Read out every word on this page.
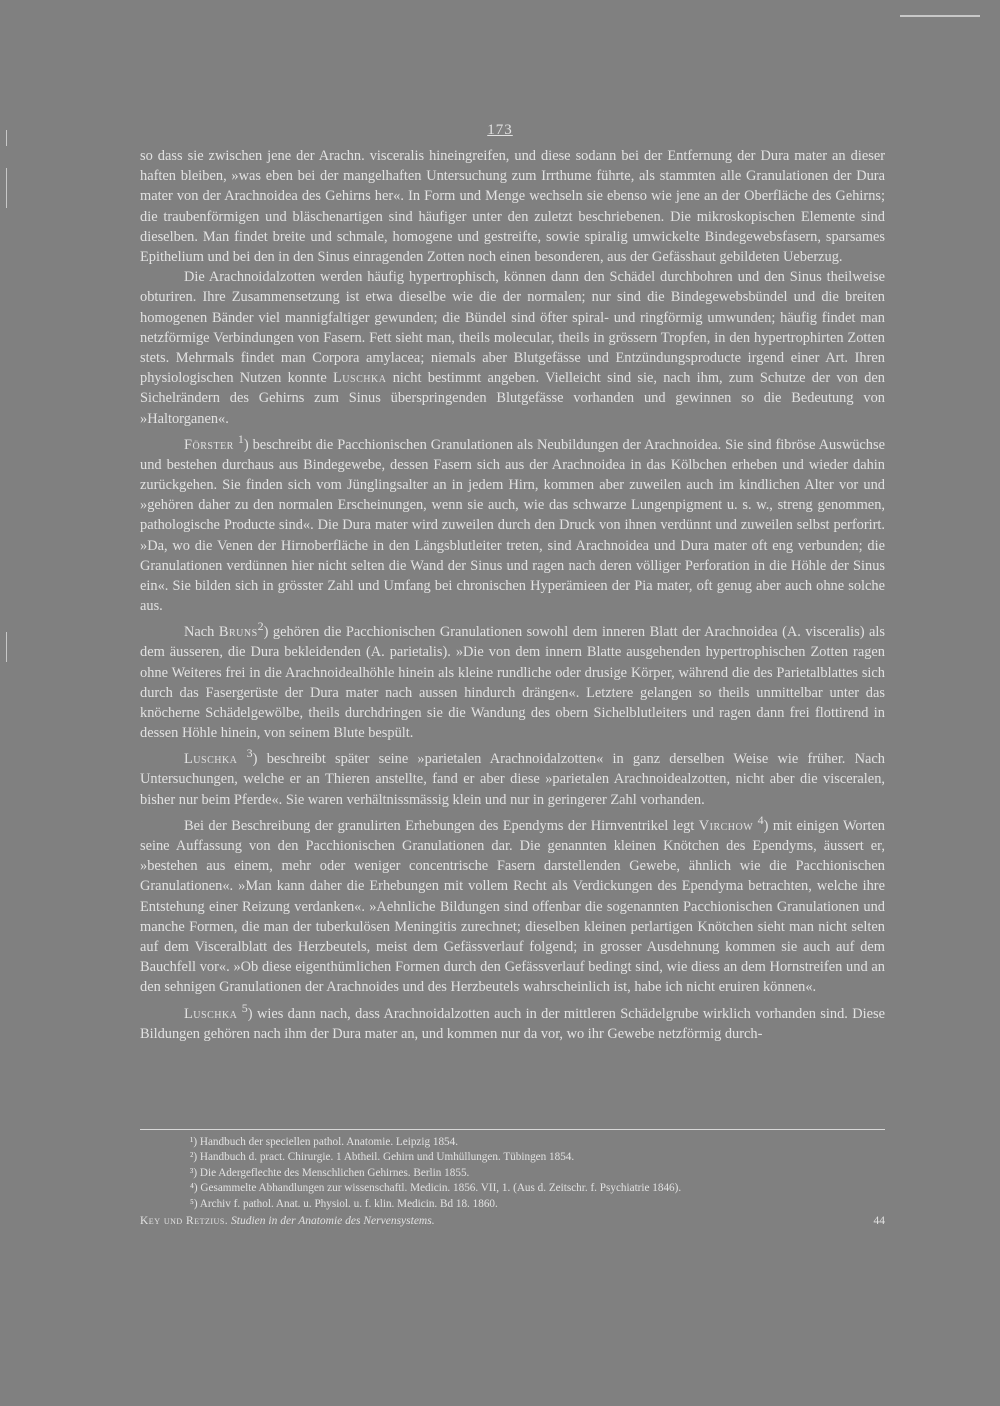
173

so dass sie zwischen jene der Arachn. visceralis hineingreifen, und diese sodann bei der Entfernung der Dura mater an dieser haften bleiben, »was eben bei der mangelhaften Untersuchung zum Irrthume führte, als stammten alle Granulationen der Dura mater von der Arachnoidea des Gehirns her«. In Form und Menge wechseln sie ebenso wie jene an der Oberfläche des Gehirns; die traubenförmigen und bläschenartigen sind häufiger unter den zuletzt beschriebenen. Die mikroskopischen Elemente sind dieselben. Man findet breite und schmale, homogene und gestreifte, sowie spiralig umwickelte Bindegewebsfasern, sparsames Epithelium und bei den in den Sinus einragenden Zotten noch einen besonderen, aus der Gefässhaut gebildeten Ueberzug.

Die Arachnoidalzotten werden häufig hypertrophisch, können dann den Schädel durchbohren und den Sinus theilweise obturiren. Ihre Zusammensetzung ist etwa dieselbe wie die der normalen; nur sind die Bindegewebsbündel und die breiten homogenen Bänder viel mannigfaltiger gewunden; die Bündel sind öfter spiral- und ringförmig umwunden; häufig findet man netzförmige Verbindungen von Fasern. Fett sieht man, theils molecular, theils in grössern Tropfen, in den hypertrophirten Zotten stets. Mehrmals findet man Corpora amylacea; niemals aber Blutgefässe und Entzündungsproducte irgend einer Art. Ihren physiologischen Nutzen konnte Luschka nicht bestimmt angeben. Vielleicht sind sie, nach ihm, zum Schutze der von den Sichelrändern des Gehirns zum Sinus überspringenden Blutgefässe vorhanden und gewinnen so die Bedeutung von »Haltorganen«.

Förster $^1$) beschreibt die Pacchionischen Granulationen als Neubildungen der Arachnoidea. Sie sind fibröse Auswüchse und bestehen durchaus aus Bindegewebe, dessen Fasern sich aus der Arachnoidea in das Kölbchen erheben und wieder dahin zurückgehen. Sie finden sich vom Jünglingsalter an in jedem Hirn, kommen aber zuweilen auch im kindlichen Alter vor und »gehören daher zu den normalen Erscheinungen, wenn sie auch, wie das schwarze Lungenpigment u. s. w., streng genommen, pathologische Producte sind«. Die Dura mater wird zuweilen durch den Druck von ihnen verdünnt und zuweilen selbst perforirt. »Da, wo die Venen der Hirnoberfläche in den Längsblutleiter treten, sind Arachnoidea und Dura mater oft eng verbunden; die Granulationen verdünnen hier nicht selten die Wand der Sinus und ragen nach deren völliger Perforation in die Höhle der Sinus ein«. Sie bilden sich in grösster Zahl und Umfang bei chronischen Hyperämieen der Pia mater, oft genug aber auch ohne solche aus.

Nach Bruns$^2$) gehören die Pacchionischen Granulationen sowohl dem inneren Blatt der Arachnoidea (A. visceralis) als dem äusseren, die Dura bekleidenden (A. parietalis). »Die von dem innern Blatte ausgehenden hypertrophischen Zotten ragen ohne Weiteres frei in die Arachnoidealhöhle hinein als kleine rundliche oder drusige Körper, während die des Parietalblattes sich durch das Fasergerüste der Dura mater nach aussen hindurch drängen«. Letztere gelangen so theils unmittelbar unter das knöcherne Schädelgewölbe, theils durchdringen sie die Wandung des obern Sichelblutleiters und ragen dann frei flottirend in dessen Höhle hinein, von seinem Blute bespült.

Luschka $^3$) beschreibt später seine »parietalen Arachnoidalzotten« in ganz derselben Weise wie früher. Nach Untersuchungen, welche er an Thieren anstellte, fand er aber diese »parietalen Arachnoidealzotten, nicht aber die visceralen, bisher nur beim Pferde«. Sie waren verhältnissmässig klein und nur in geringerer Zahl vorhanden.

Bei der Beschreibung der granulirten Erhebungen des Ependyms der Hirnventrikel legt Virchow $^4$) mit einigen Worten seine Auffassung von den Pacchionischen Granulationen dar. Die genannten kleinen Knötchen des Ependyms, äussert er, »bestehen aus einem, mehr oder weniger concentrische Fasern darstellenden Gewebe, ähnlich wie die Pacchionischen Granulationen«. »Man kann daher die Erhebungen mit vollem Recht als Verdickungen des Ependyma betrachten, welche ihre Entstehung einer Reizung verdanken«. »Aehnliche Bildungen sind offenbar die sogenannten Pacchionischen Granulationen und manche Formen, die man der tuberkulösen Meningitis zurechnet; dieselben kleinen perlartigen Knötchen sieht man nicht selten auf dem Visceralblatt des Herzbeutels, meist dem Gefässverlauf folgend; in grosser Ausdehnung kommen sie auch auf dem Bauchfell vor«. »Ob diese eigenthümlichen Formen durch den Gefässverlauf bedingt sind, wie diess an dem Hornstreifen und an den sehnigen Granulationen der Arachnoides und des Herzbeutels wahrscheinlich ist, habe ich nicht eruiren können«.

Luschka $^5$) wies dann nach, dass Arachnoidalzotten auch in der mittleren Schädelgrube wirklich vorhanden sind. Diese Bildungen gehören nach ihm der Dura mater an, und kommen nur da vor, wo ihr Gewebe netzförmig durch-

¹) Handbuch der speciellen pathol. Anatomie. Leipzig 1854.
²) Handbuch d. pract. Chirurgie. 1 Abtheil. Gehirn und Umhüllungen. Tübingen 1854.
³) Die Adergeflechte des Menschlichen Gehirnes. Berlin 1855.
⁴) Gesammelte Abhandlungen zur wissenschaftl. Medicin. 1856. VII, 1. (Aus d. Zeitschr. f. Psychiatrie 1846).
⁵) Archiv f. pathol. Anat. u. Physiol. u. f. klin. Medicin. Bd 18. 1860.
Key und Retzius. Studien in der Anatomie des Nervensystems.	44
